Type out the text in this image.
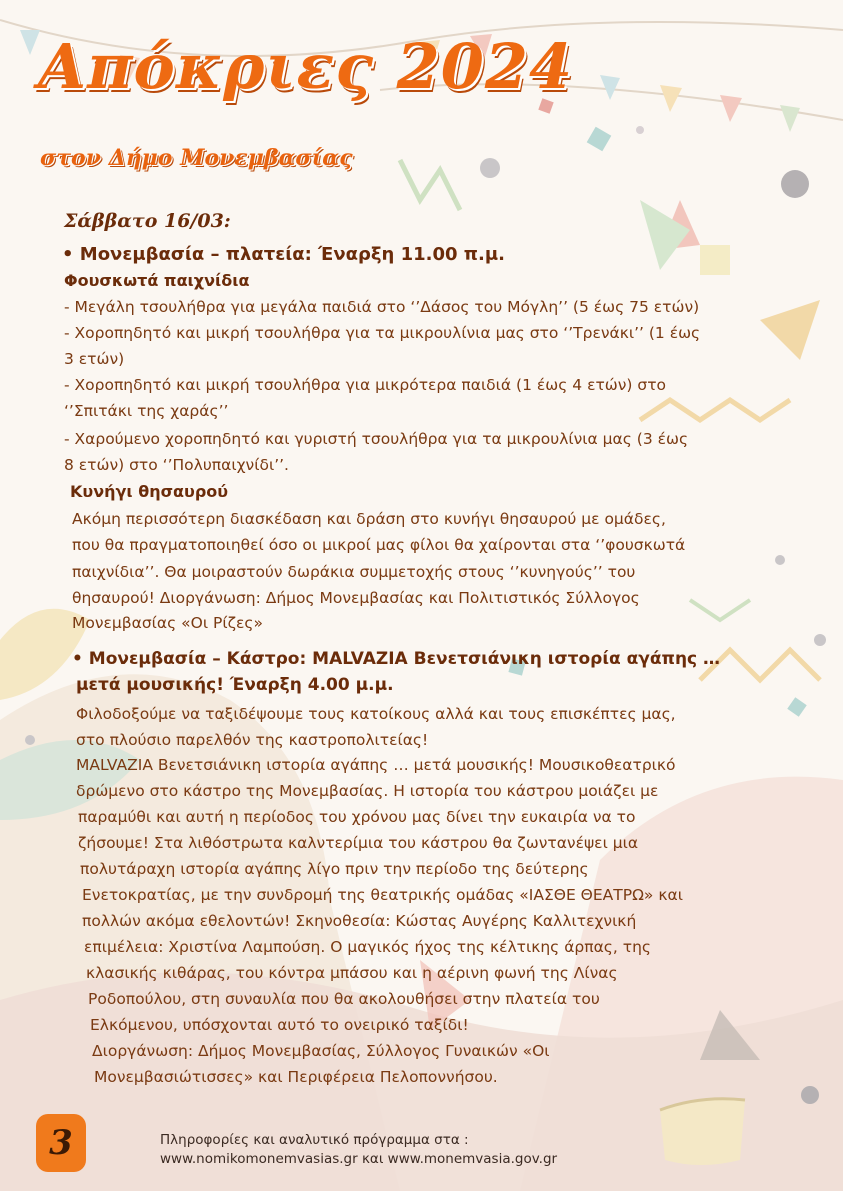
Απόκριες 2024
στον Δήμο Μονεμβασίας
Σάββατο 16/03:
• Μονεμβασία – πλατεία: Έναρξη 11.00 π.μ.
Φουσκωτά παιχνίδια
- Μεγάλη τσουλήθρα για μεγάλα παιδιά στο ‘’Δάσος του Μόγλη’’ (5 έως 75 ετών)
- Χοροπηδητό και μικρή τσουλήθρα για τα μικρουλίνια μας στο ‘’Τρενάκι’’ (1 έως
3 ετών)
- Χοροπηδητό και μικρή τσουλήθρα για μικρότερα παιδιά (1 έως 4 ετών) στο
‘’Σπιτάκι της χαράς’’
- Χαρούμενο χοροπηδητό και γυριστή τσουλήθρα για τα μικρουλίνια μας (3 έως
8 ετών) στο ‘’Πολυπαιχνίδι’’.
Κυνήγι θησαυρού
Ακόμη περισσότερη διασκέδαση και δράση στο κυνήγι θησαυρού με ομάδες,
που θα πραγματοποιηθεί όσο οι μικροί μας φίλοι θα χαίρονται στα ‘’φουσκωτά
παιχνίδια’’. Θα μοιραστούν δωράκια συμμετοχής στους ‘’κυνηγούς’’ του
θησαυρού! Διοργάνωση: Δήμος Μονεμβασίας και Πολιτιστικός Σύλλογος
Μονεμβασίας «Οι Ρίζες»
• Μονεμβασία – Κάστρο: MALVAZIA Βενετσιάνικη ιστορία αγάπης …
μετά μουσικής! Έναρξη 4.00 μ.μ.
Φιλοδοξούμε να ταξιδέψουμε τους κατοίκους αλλά και τους επισκέπτες μας,
στο πλούσιο παρελθόν της καστροπολιτείας!
MALVAZIA Βενετσιάνικη ιστορία αγάπης … μετά μουσικής! Μουσικοθεατρικό
δρώμενο στο κάστρο της Μονεμβασίας. Η ιστορία του κάστρου μοιάζει με
παραμύθι και αυτή η περίοδος του χρόνου μας δίνει την ευκαιρία να το
ζήσουμε! Στα λιθόστρωτα καλντερίμια του κάστρου θα ζωντανέψει μια
πολυτάραχη ιστορία αγάπης λίγο πριν την περίοδο της δεύτερης
Ενετοκρατίας, με την συνδρομή της θεατρικής ομάδας «ΙΑΣΘΕ ΘΕΑΤΡΩ» και
πολλών ακόμα εθελοντών! Σκηνοθεσία: Κώστας Αυγέρης Καλλιτεχνική
επιμέλεια: Χριστίνα Λαμπούση. Ο μαγικός ήχος της κέλτικης άρπας, της
κλασικής κιθάρας, του κόντρα μπάσου και η αέρινη φωνή της Λίνας
Ροδοπούλου, στη συναυλία που θα ακολουθήσει στην πλατεία του
Ελκόμενου, υπόσχονται αυτό το ονειρικό ταξίδι!
Διοργάνωση: Δήμος Μονεμβασίας, Σύλλογος Γυναικών «Οι
Μονεμβασιώτισσες» και Περιφέρεια Πελοποννήσου.
3	Πληροφορίες και αναλυτικό πρόγραμμα στα :
www.nomikomonemvasias.gr και www.monemvasia.gov.gr
